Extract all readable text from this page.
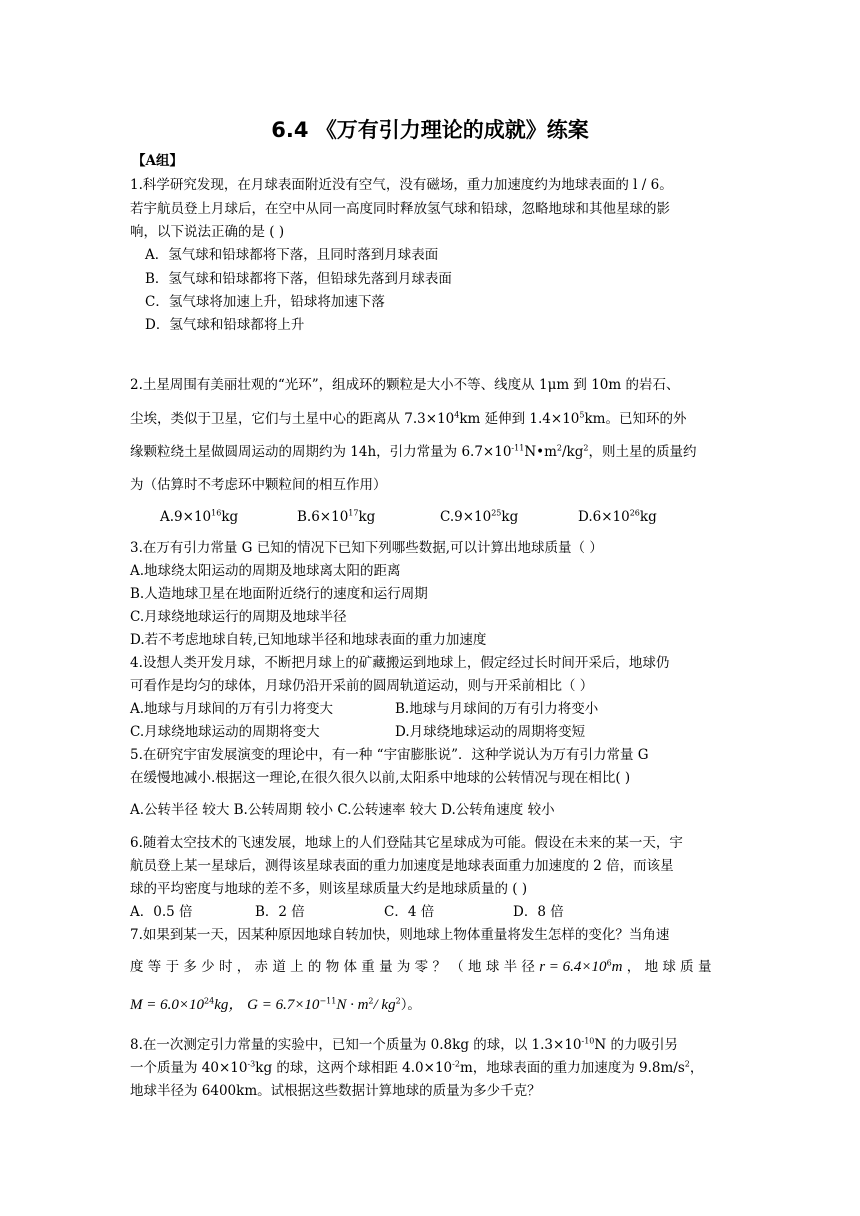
6.4 《万有引力理论的成就》练案
【A组】
1.科学研究发现，在月球表面附近没有空气，没有磁场，重力加速度约为地球表面的 l / 6。
若宇航员登上月球后，在空中从同一高度同时释放氢气球和铅球，忽略地球和其他星球的影
响，以下说法正确的是 ( )
A．氢气球和铅球都将下落，且同时落到月球表面
B．氢气球和铅球都将下落，但铅球先落到月球表面
C．氢气球将加速上升，铅球将加速下落
D．氢气球和铅球都将上升
2.土星周围有美丽壮观的“光环”，组成环的颗粒是大小不等、线度从 1μm 到 10m 的岩石、
尘埃，类似于卫星，它们与土星中心的距离从 $7.3\times 10^4km$ 延伸到 $1.4\times 10^5km$。已知环的外
缘颗粒绕土星做圆周运动的周期约为 14h，引力常量为 $6.7\times 10^{-11}N•m^2/kg^2$，则土星的质量约
为（估算时不考虑环中颗粒间的相互作用）
$A.9\times 10^{16}kg$	$B.6\times 10^{17}kg$	$C.9\times 10^{25}kg$	$D.6\times 10^{26}kg$
3.在万有引力常量 G 已知的情况下已知下列哪些数据,可以计算出地球质量（ ）
A.地球绕太阳运动的周期及地球离太阳的距离
B.人造地球卫星在地面附近绕行的速度和运行周期
C.月球绕地球运行的周期及地球半径
D.若不考虑地球自转,已知地球半径和地球表面的重力加速度
4.设想人类开发月球，不断把月球上的矿藏搬运到地球上，假定经过长时间开采后，地球仍
可看作是均匀的球体，月球仍沿开采前的圆周轨道运动，则与开采前相比（ ）
A.地球与月球间的万有引力将变大	B.地球与月球间的万有引力将变小
C.月球绕地球运动的周期将变大	D.月球绕地球运动的周期将变短
5.在研究宇宙发展演变的理论中，有一种 “宇宙膨胀说”．这种学说认为万有引力常量 G
在缓慢地减小.根据这一理论,在很久很久以前,太阳系中地球的公转情况与现在相比( )
A.公转半径 较大 B.公转周期 较小 C.公转速率 较大 D.公转角速度 较小
6.随着太空技术的飞速发展，地球上的人们登陆其它星球成为可能。假设在未来的某一天，宇
航员登上某一星球后，测得该星球表面的重力加速度是地球表面重力加速度的 2 倍，而该星
球的平均密度与地球的差不多，则该星球质量大约是地球质量的 ( )
A．0.5 倍	B．2 倍	C．4 倍	D．8 倍
7.如果到某一天，因某种原因地球自转加快，则地球上物体重量将发生怎样的变化？当角速
度 等 于 多 少 时 ， 赤 道 上 的 物 体 重 量 为 零 ？ （ 地 球 半 径 $r = 6.4\times 10^6m$ ， 地 球 质 量
$M = 6.0\times 10^{24}kg$， $G = 6.7\times 10^{-11}N \cdot m^2/$ $kg^2$）。
8.在一次测定引力常量的实验中，已知一个质量为 0.8kg 的球，以 $1.3\times 10^{-10}N$ 的力吸引另
一个质量为 $40\times 10^{-3}kg$ 的球，这两个球相距 $4.0\times 10^{-2}m$，地球表面的重力加速度为 $9.8m/s^2$，
地球半径为 6400km。试根据这些数据计算地球的质量为多少千克？
